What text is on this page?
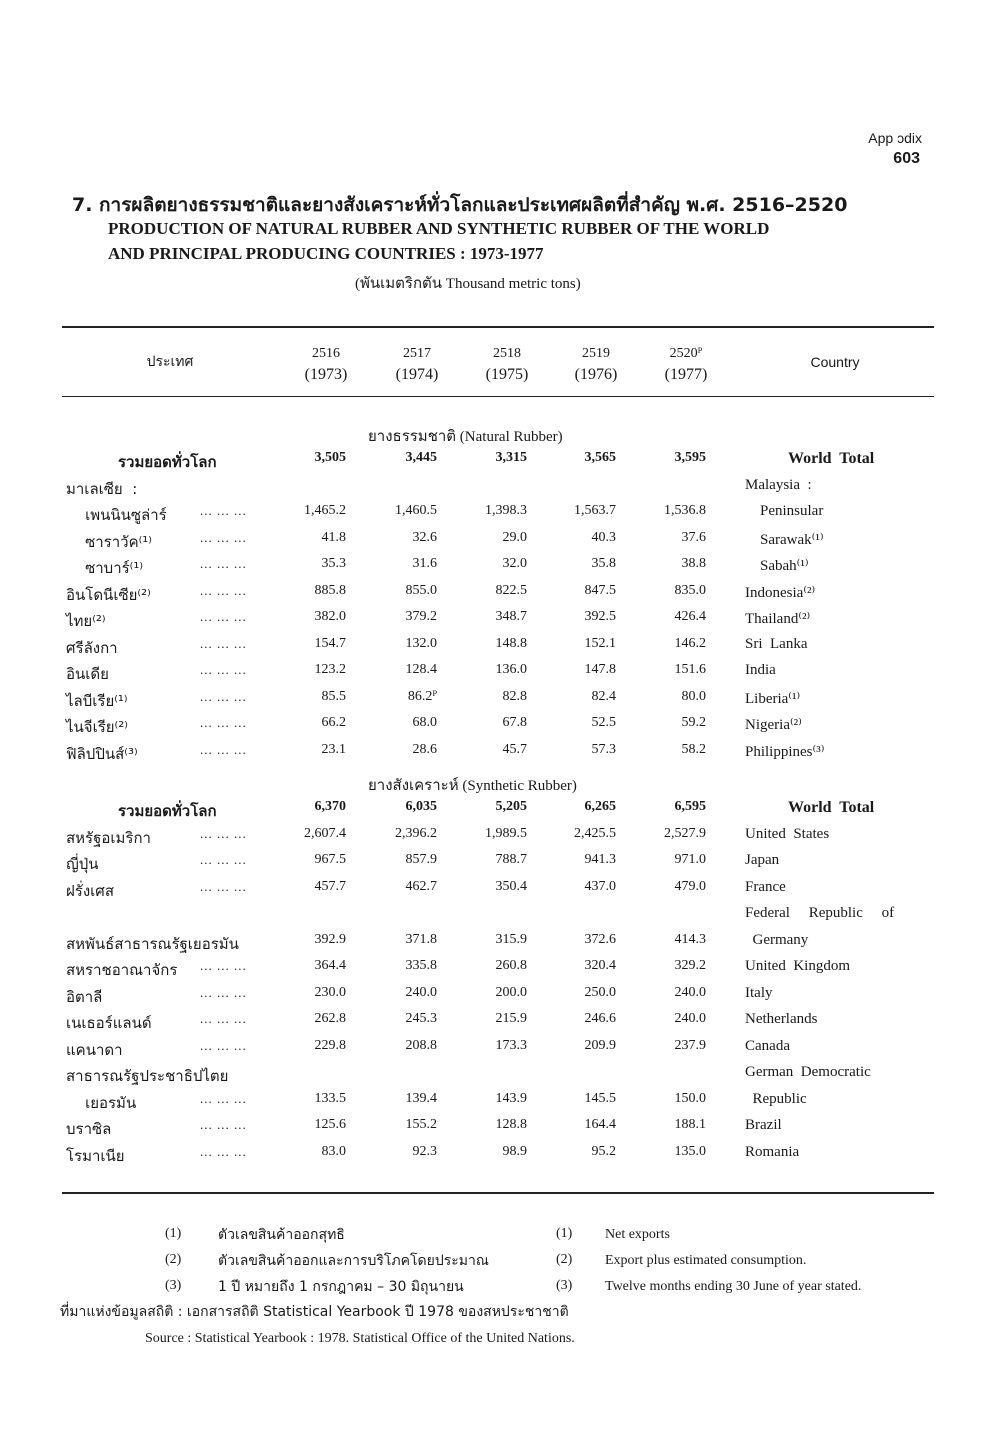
App ɔdix
603
7. การผลิตยางธรรมชาติและยางสังเคราะห์ทั่วโลกและประเทศผลิตที่สำคัญ พ.ศ. 2516–2520
PRODUCTION OF NATURAL RUBBER AND SYNTHETIC RUBBER OF THE WORLD
AND PRINCIPAL PRODUCING COUNTRIES : 1973-1977
(พันเมตริกตัน Thousand metric tons)
ประเทศ
2516
(1973)
2517
(1974)
2518
(1975)
2519
(1976)
2520ᴾ
(1977)
Country
ยางธรรมชาติ (Natural Rubber)
ยางสังเคราะห์ (Synthetic Rubber)
รวมยอดทั่วโลก	3,505	3,445	3,315	3,565	3,595	World  Total
มาเลเซีย  :	Malaysia  :
เพนนินซูล่าร์	... ... ...	1,465.2	1,460.5	1,398.3	1,563.7	1,536.8	Peninsular
ซาราวัค⁽¹⁾	... ... ...	41.8	32.6	29.0	40.3	37.6	Sarawak⁽¹⁾
ซาบาร์⁽¹⁾	... ... ...	35.3	31.6	32.0	35.8	38.8	Sabah⁽¹⁾
อินโดนีเซีย⁽²⁾	... ... ...	885.8	855.0	822.5	847.5	835.0	Indonesia⁽²⁾
ไทย⁽²⁾	... ... ...	382.0	379.2	348.7	392.5	426.4	Thailand⁽²⁾
ศรีลังกา	... ... ...	154.7	132.0	148.8	152.1	146.2	Sri  Lanka
อินเดีย	... ... ...	123.2	128.4	136.0	147.8	151.6	India
ไลบีเรีย⁽¹⁾	... ... ...	85.5	86.2ᴾ	82.8	82.4	80.0	Liberia⁽¹⁾
ไนจีเรีย⁽²⁾	... ... ...	66.2	68.0	67.8	52.5	59.2	Nigeria⁽²⁾
ฟิลิปปินส์⁽³⁾	... ... ...	23.1	28.6	45.7	57.3	58.2	Philippines⁽³⁾
รวมยอดทั่วโลก	6,370	6,035	5,205	6,265	6,595	World  Total
สหรัฐอเมริกา	... ... ...	2,607.4	2,396.2	1,989.5	2,425.5	2,527.9	United  States
ญี่ปุ่น	... ... ...	967.5	857.9	788.7	941.3	971.0	Japan
ฝรั่งเศส	... ... ...	457.7	462.7	350.4	437.0	479.0	France
Federal     Republic     of
สหพันธ์สาธารณรัฐเยอรมัน	392.9	371.8	315.9	372.6	414.3	Germany
สหราชอาณาจักร ... ... ...	364.4	335.8	260.8	320.4	329.2	United  Kingdom
อิตาลี	... ... ...	230.0	240.0	200.0	250.0	240.0	Italy
เนเธอร์แลนด์	... ... ...	262.8	245.3	215.9	246.6	240.0	Netherlands
แคนาดา	... ... ...	229.8	208.8	173.3	209.9	237.9	Canada
สาธารณรัฐประชาธิปไตย	German  Democratic
เยอรมัน	... ... ...	133.5	139.4	143.9	145.5	150.0	Republic
บราซิล	... ... ...	125.6	155.2	128.8	164.4	188.1	Brazil
โรมาเนีย	... ... ...	83.0	92.3	98.9	95.2	135.0	Romania
(1)	ตัวเลขสินค้าออกสุทธิ	(1) Net exports
(2)	ตัวเลขสินค้าออกและการบริโภคโดยประมาณ	(2) Export plus estimated consumption.
(3)	1 ปี หมายถึง 1 กรกฎาคม – 30 มิถุนายน	(3) Twelve months ending 30 June of year stated.
ที่มาแห่งข้อมูลสถิติ : เอกสารสถิติ Statistical Yearbook ปี 1978 ของสหประชาชาติ
Source : Statistical Yearbook : 1978. Statistical Office of the United Nations.
